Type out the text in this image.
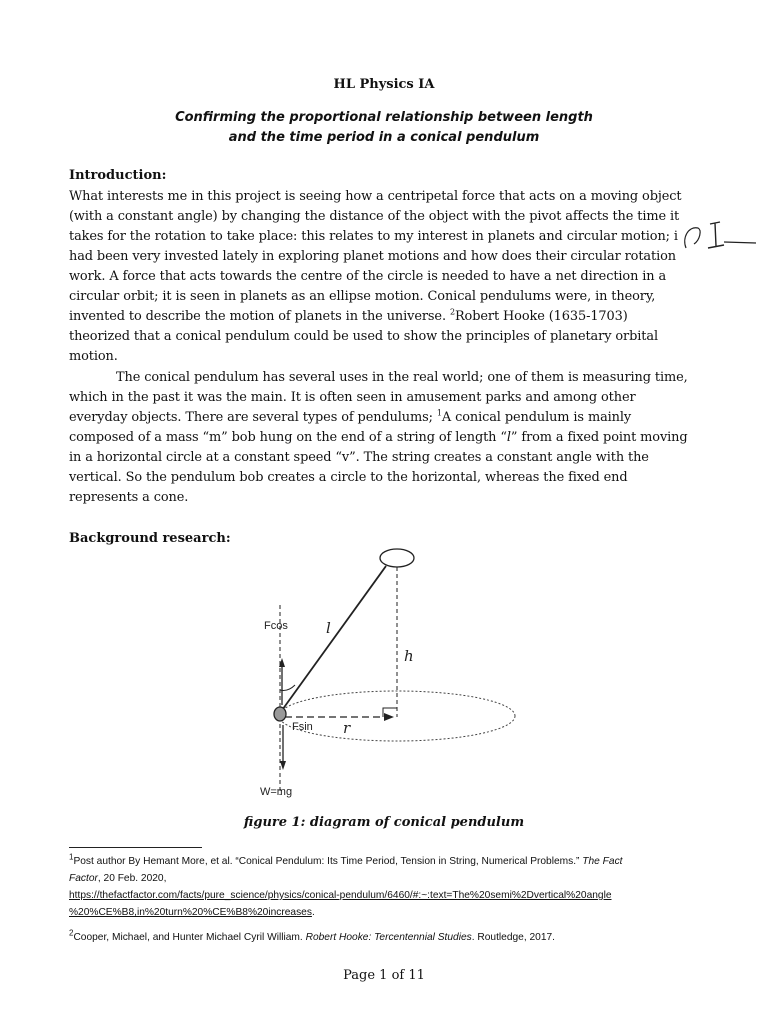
HL Physics IA
Confirming the proportional relationship between length
and the time period in a conical pendulum
Introduction:
What interests me in this project is seeing how a centripetal force that acts on a moving object
(with a constant angle) by changing the distance of the object with the pivot affects the time it
takes for the rotation to take place: this relates to my interest in planets and circular motion; i
had been very invested lately in exploring planet motions and how does their circular rotation
work. A force that acts towards the centre of the circle is needed to have a net direction in a
circular orbit; it is seen in planets as an ellipse motion. Conical pendulums were, in theory,
invented to describe the motion of planets in the universe. $^2$Robert Hooke (1635-1703)
theorized that a conical pendulum could be used to show the principles of planetary orbital
motion.
The conical pendulum has several uses in the real world; one of them is measuring time,
which in the past it was the main. It is often seen in amusement parks and among other
everyday objects. There are several types of pendulums; $^1$A conical pendulum is mainly
composed of a mass “m” bob hung on the end of a string of length “l” from a fixed point moving
in a horizontal circle at a constant speed “v”. The string creates a constant angle with the
vertical. So the pendulum bob creates a circle to the horizontal, whereas the fixed end
represents a cone.
Background research:
Fcos
Fsin
W=mg
l
h
r
figure 1: diagram of conical pendulum
$^1$Post author By Hemant More, et al. “Conical Pendulum: Its Time Period, Tension in String, Numerical Problems.” The Fact
Factor, 20 Feb. 2020,
https://thefactfactor.com/facts/pure_science/physics/conical-pendulum/6460/#:~:text=The%20semi%2Dvertical%20angle
%20%CE%B8,in%20turn%20%CE%B8%20increases.
$^2$Cooper, Michael, and Hunter Michael Cyril William. Robert Hooke: Tercentennial Studies. Routledge, 2017.
Page 1 of 11
